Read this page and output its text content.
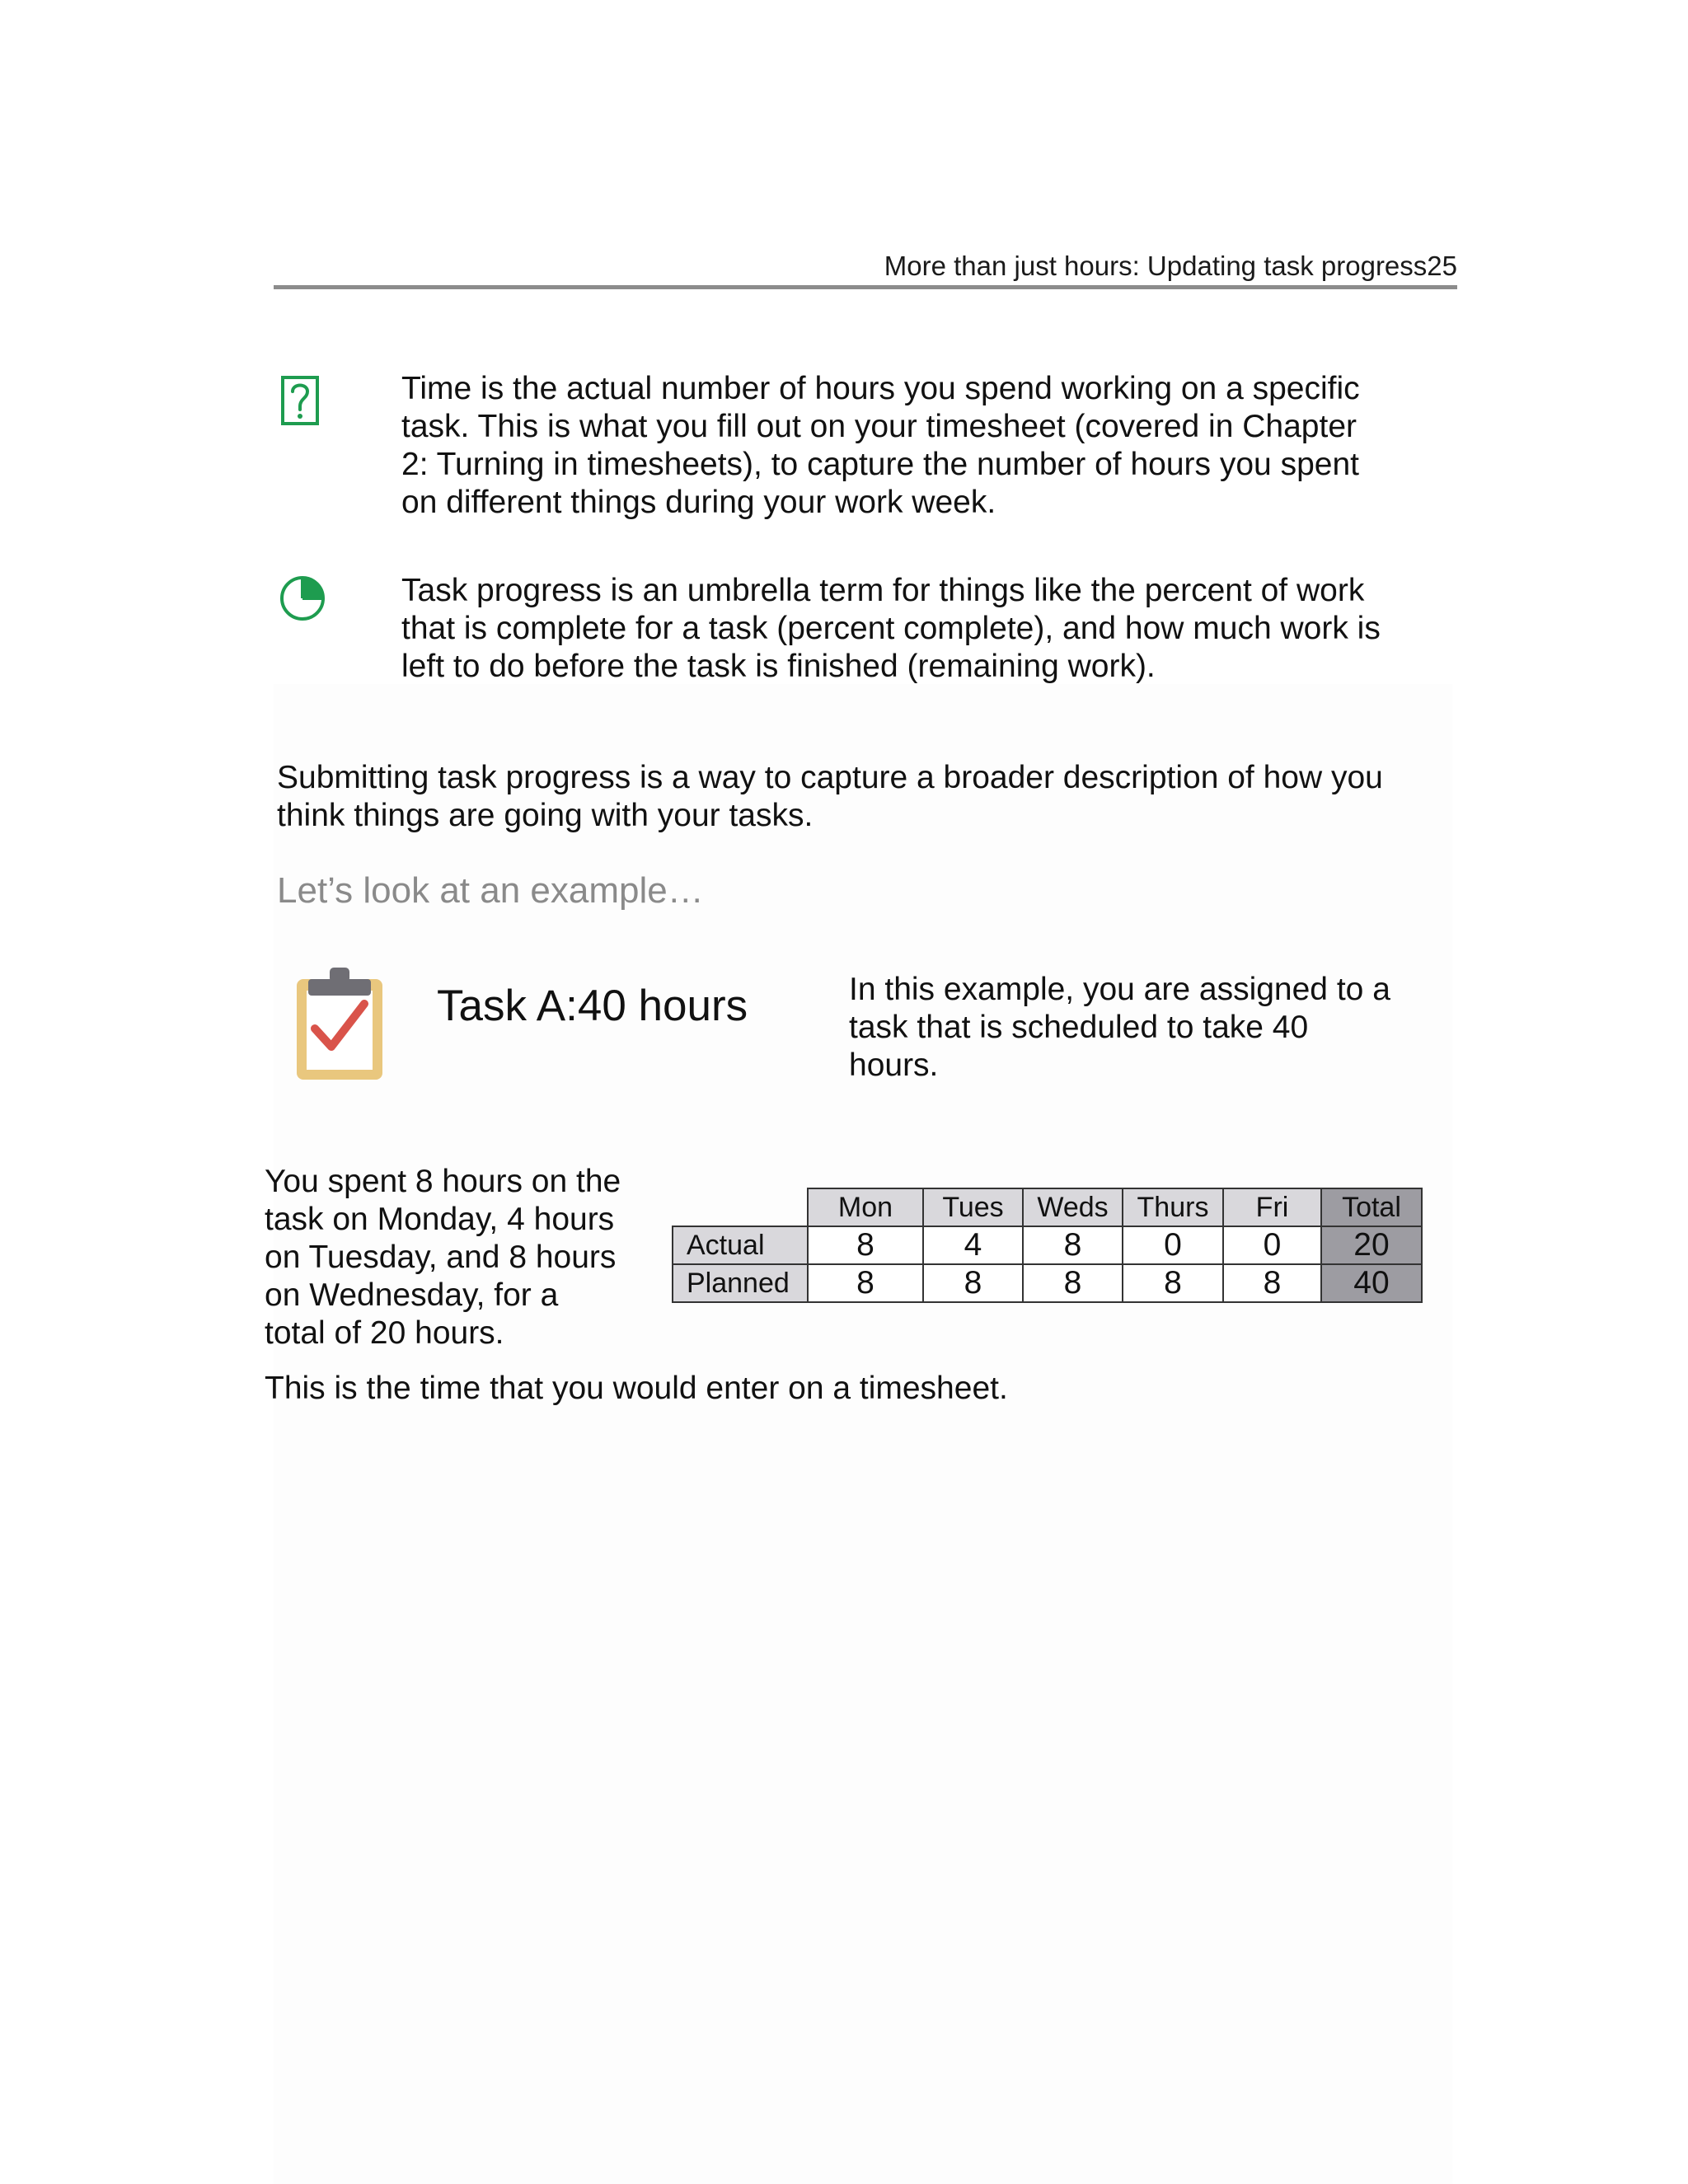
More than just hours: Updating task progress25
Time is the actual number of hours you spend working on a specific
task. This is what you fill out on your timesheet (covered in Chapter
2: Turning in timesheets), to capture the number of hours you spent
on different things during your work week.
Task progress is an umbrella term for things like the percent of work
that is complete for a task (percent complete), and how much work is
left to do before the task is finished (remaining work).
Submitting task progress is a way to capture a broader description of how you
think things are going with your tasks.
Let’s look at an example…
Task A:40 hours	In this example, you are assigned to a
task that is scheduled to take 40
hours.
You spent 8 hours on the
task on Monday, 4 hours
on Tuesday, and 8 hours
on Wednesday, for a
total of 20 hours.
	Mon	Tues	Weds	Thurs	Fri	Total
Actual	8	4	8	0	0	20
Planned	8	8	8	8	8	40
This is the time that you would enter on a timesheet.
